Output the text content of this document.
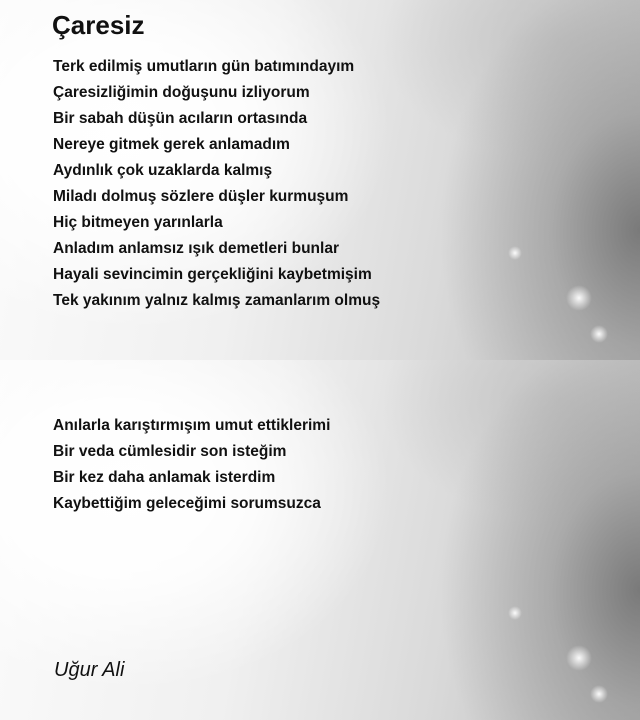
Çaresiz
Terk edilmiş umutların gün batımındayım
Çaresizliğimin doğuşunu izliyorum
Bir sabah düşün acıların ortasında
Nereye gitmek gerek anlamadım
Aydınlık çok uzaklarda kalmış
Miladı dolmuş sözlere düşler kurmuşum
Hiç bitmeyen yarınlarla
Anladım anlamsız ışık demetleri bunlar
Hayali sevincimin gerçekliğini kaybetmişim
Tek yakınım yalnız kalmış zamanlarım olmuş
Anılarla karıştırmışım umut ettiklerimi
Bir veda cümlesidir son isteğim
Bir kez daha anlamak isterdim
Kaybettiğim geleceğimi sorumsuzca
Uğur Ali
